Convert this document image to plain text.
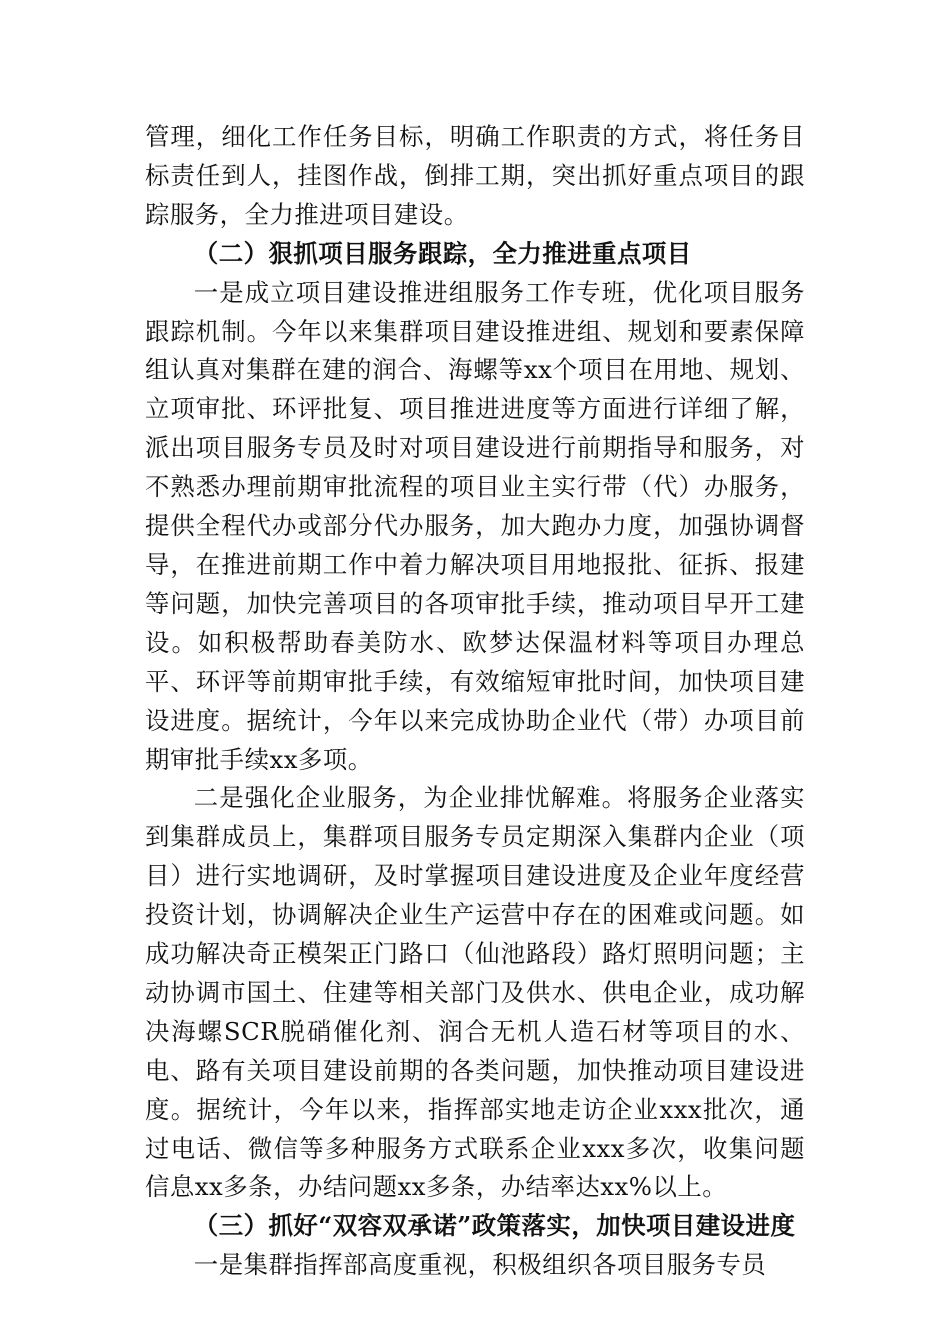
管理，细化工作任务目标，明确工作职责的方式，将任务目标责任到人，挂图作战，倒排工期，突出抓好重点项目的跟踪服务，全力推进项目建设。

（二）狠抓项目服务跟踪，全力推进重点项目

一是成立项目建设推进组服务工作专班，优化项目服务跟踪机制。今年以来集群项目建设推进组、规划和要素保障组认真对集群在建的润合、海螺等xx个项目在用地、规划、立项审批、环评批复、项目推进进度等方面进行详细了解，派出项目服务专员及时对项目建设进行前期指导和服务，对不熟悉办理前期审批流程的项目业主实行带（代）办服务，提供全程代办或部分代办服务，加大跑办力度，加强协调督导，在推进前期工作中着力解决项目用地报批、征拆、报建等问题，加快完善项目的各项审批手续，推动项目早开工建设。如积极帮助春美防水、欧梦达保温材料等项目办理总平、环评等前期审批手续，有效缩短审批时间，加快项目建设进度。据统计，今年以来完成协助企业代（带）办项目前期审批手续xx多项。

二是强化企业服务，为企业排忧解难。将服务企业落实到集群成员上，集群项目服务专员定期深入集群内企业（项目）进行实地调研，及时掌握项目建设进度及企业年度经营投资计划，协调解决企业生产运营中存在的困难或问题。如成功解决奇正模架正门路口（仙池路段）路灯照明问题；主动协调市国土、住建等相关部门及供水、供电企业，成功解决海螺SCR脱硝催化剂、润合无机人造石材等项目的水、电、路有关项目建设前期的各类问题，加快推动项目建设进度。据统计，今年以来，指挥部实地走访企业xxx批次，通过电话、微信等多种服务方式联系企业xxx多次，收集问题信息xx多条，办结问题xx多条，办结率达xx%以上。

（三）抓好“双容双承诺”政策落实，加快项目建设进度

一是集群指挥部高度重视，积极组织各项目服务专员
